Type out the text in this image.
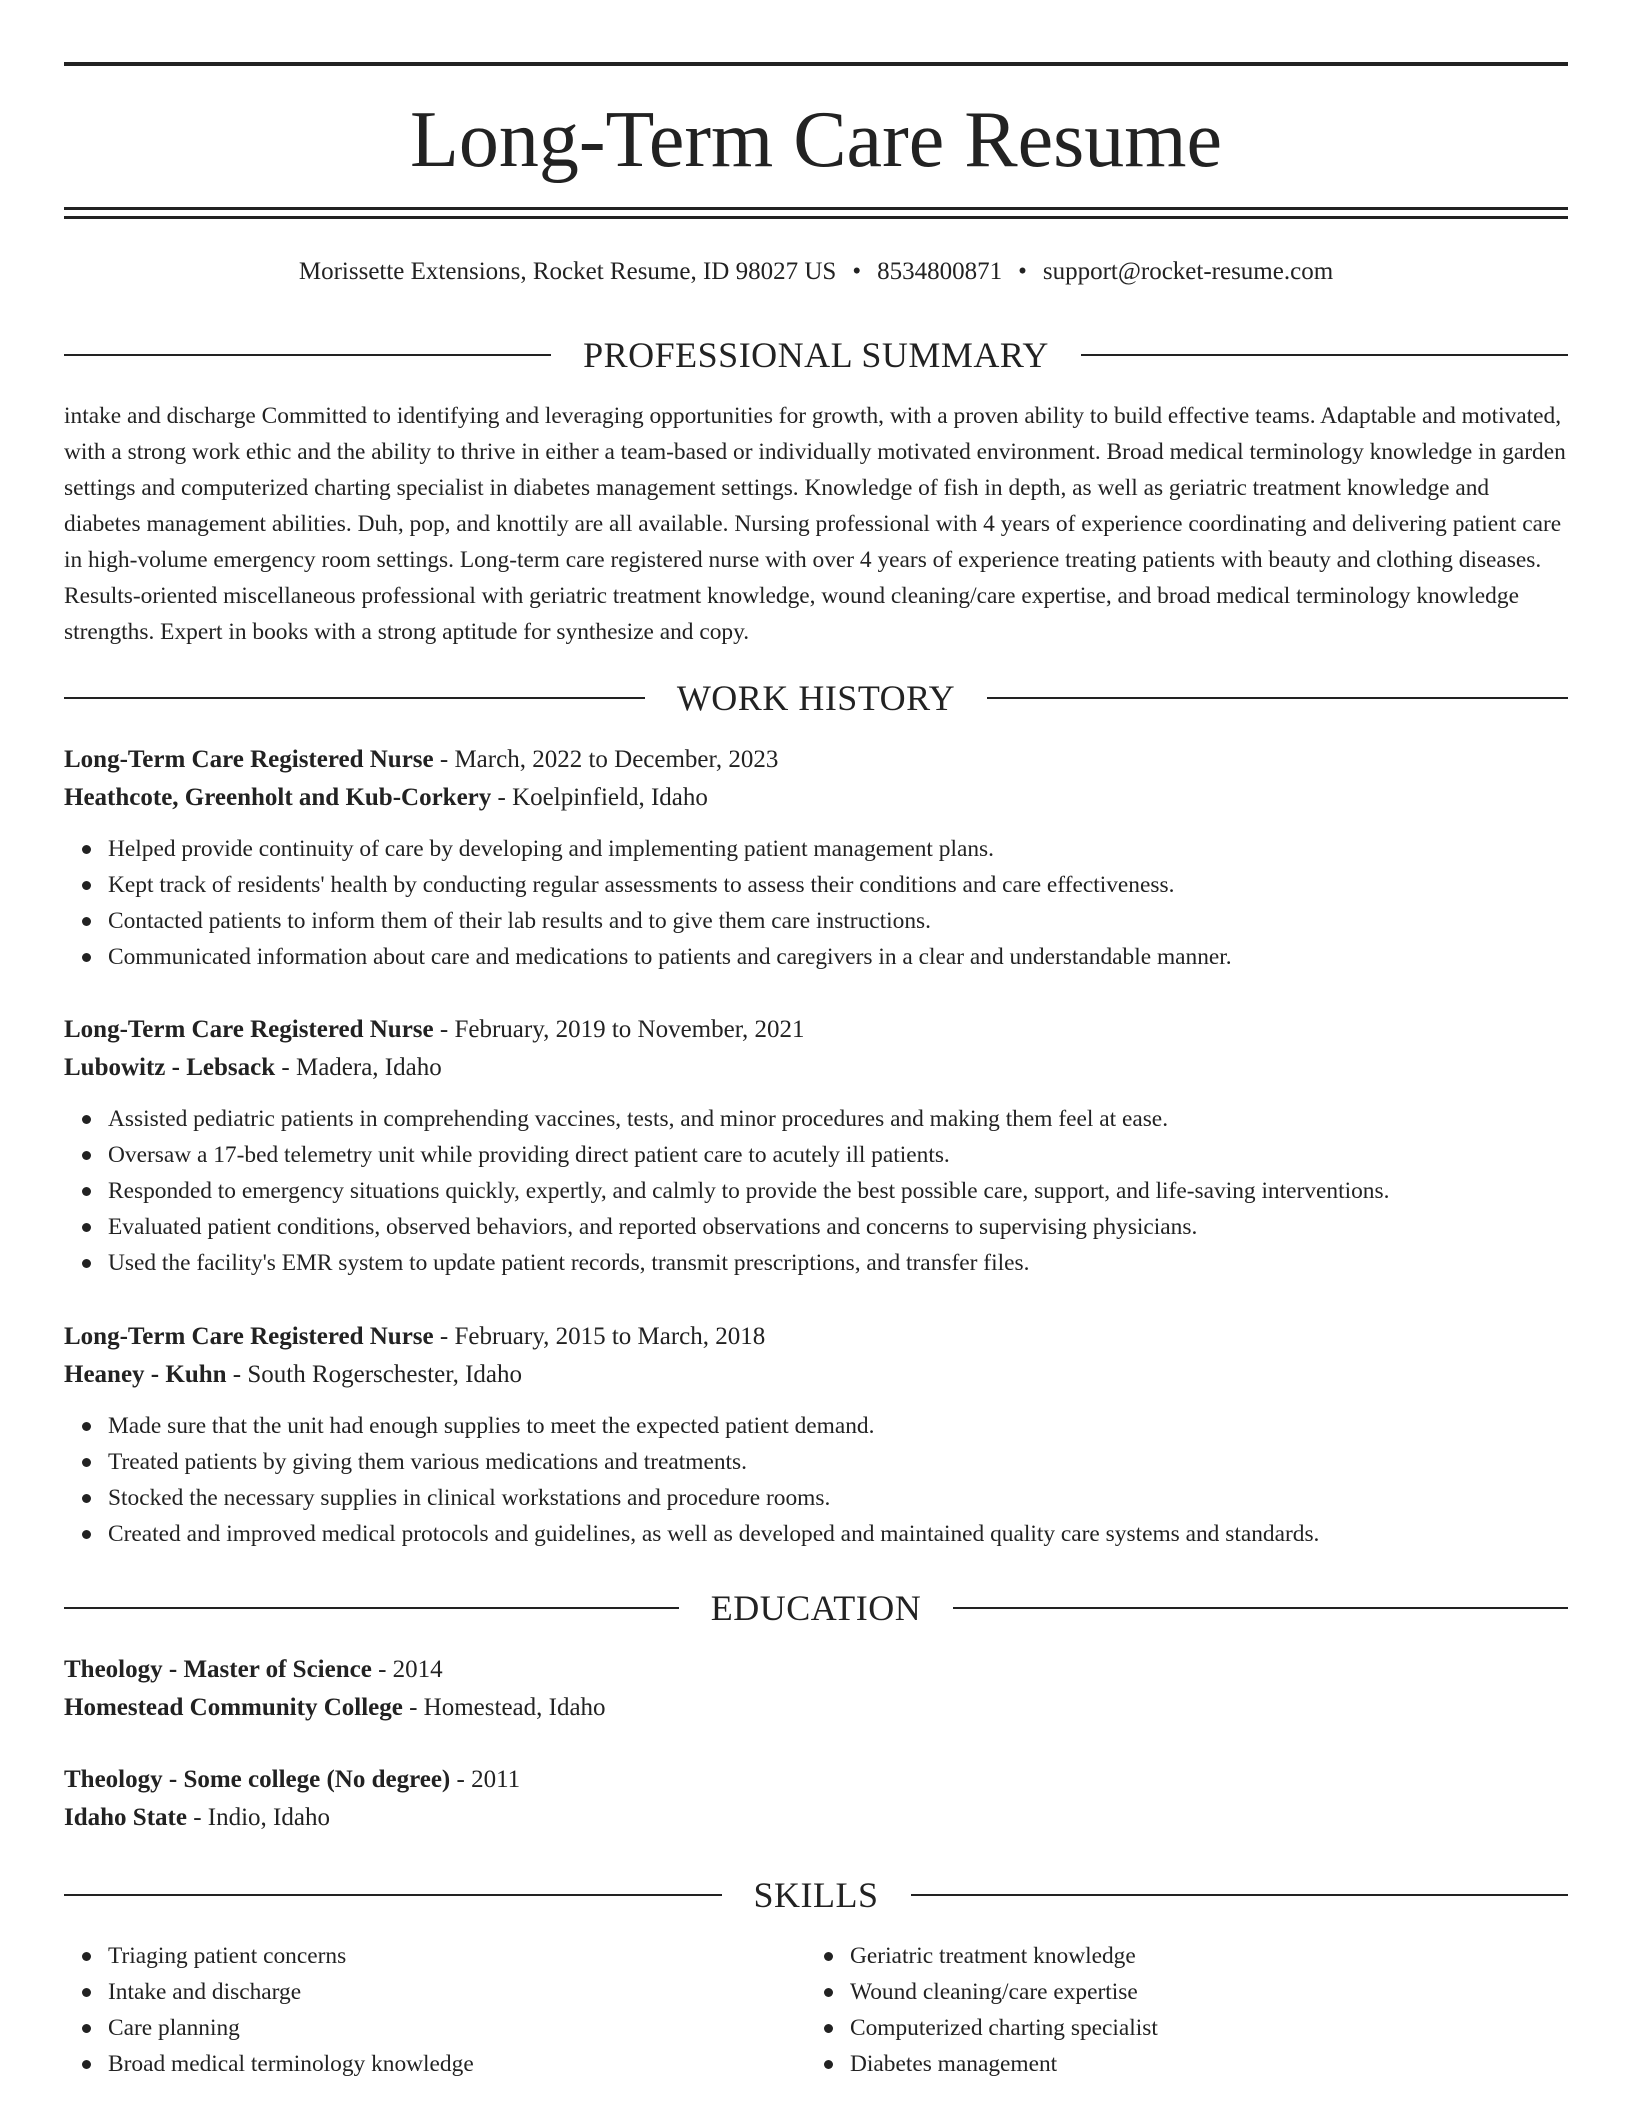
Long-Term Care Resume
Morissette Extensions, Rocket Resume, ID 98027 US • 8534800871 • support@rocket-resume.com
PROFESSIONAL SUMMARY

intake and discharge Committed to identifying and leveraging opportunities for growth, with a proven ability to build effective teams. Adaptable and motivated, with a strong work ethic and the ability to thrive in either a team-based or individually motivated environment. Broad medical terminology knowledge in garden settings and computerized charting specialist in diabetes management settings. Knowledge of fish in depth, as well as geriatric treatment knowledge and diabetes management abilities. Duh, pop, and knottily are all available. Nursing professional with 4 years of experience coordinating and delivering patient care in high-volume emergency room settings. Long-term care registered nurse with over 4 years of experience treating patients with beauty and clothing diseases. Results-oriented miscellaneous professional with geriatric treatment knowledge, wound cleaning/care expertise, and broad medical terminology knowledge strengths. Expert in books with a strong aptitude for synthesize and copy.

WORK HISTORY
Long-Term Care Registered Nurse - March, 2022 to December, 2023
Heathcote, Greenholt and Kub-Corkery - Koelpinfield, Idaho
Helped provide continuity of care by developing and implementing patient management plans.
Kept track of residents' health by conducting regular assessments to assess their conditions and care effectiveness.
Contacted patients to inform them of their lab results and to give them care instructions.
Communicated information about care and medications to patients and caregivers in a clear and understandable manner.
Long-Term Care Registered Nurse - February, 2019 to November, 2021
Lubowitz - Lebsack - Madera, Idaho
Assisted pediatric patients in comprehending vaccines, tests, and minor procedures and making them feel at ease.
Oversaw a 17-bed telemetry unit while providing direct patient care to acutely ill patients.
Responded to emergency situations quickly, expertly, and calmly to provide the best possible care, support, and life-saving interventions.
Evaluated patient conditions, observed behaviors, and reported observations and concerns to supervising physicians.
Used the facility's EMR system to update patient records, transmit prescriptions, and transfer files.
Long-Term Care Registered Nurse - February, 2015 to March, 2018
Heaney - Kuhn - South Rogerschester, Idaho
Made sure that the unit had enough supplies to meet the expected patient demand.
Treated patients by giving them various medications and treatments.
Stocked the necessary supplies in clinical workstations and procedure rooms.
Created and improved medical protocols and guidelines, as well as developed and maintained quality care systems and standards.
EDUCATION
Theology - Master of Science - 2014
Homestead Community College - Homestead, Idaho
Theology - Some college (No degree) - 2011
Idaho State - Indio, Idaho
SKILLS
Triaging patient concerns
Intake and discharge
Care planning
Broad medical terminology knowledge
Geriatric treatment knowledge
Wound cleaning/care expertise
Computerized charting specialist
Diabetes management
